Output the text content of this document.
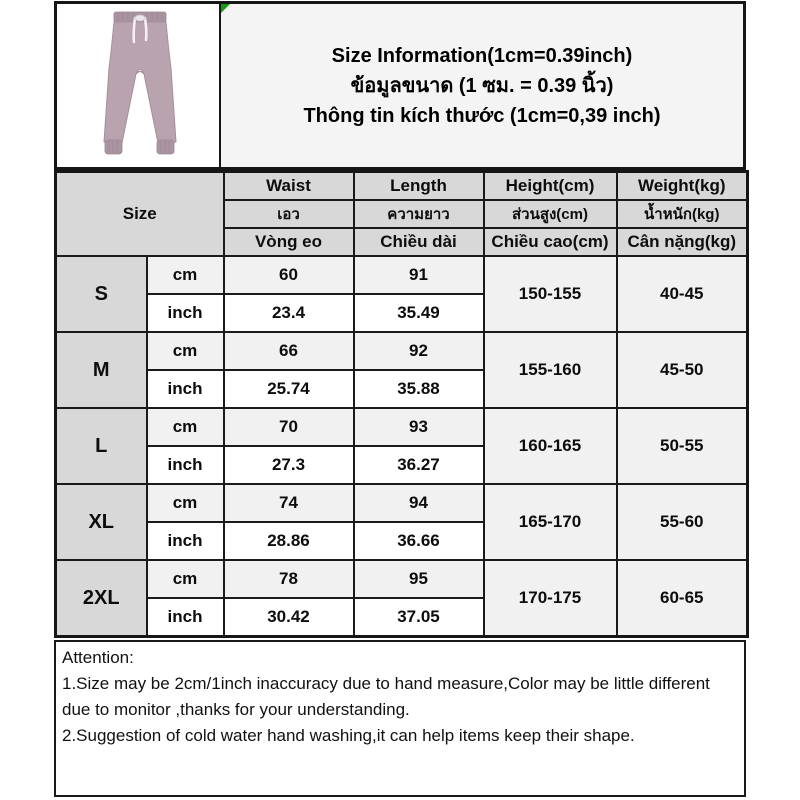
Size Information(1cm=0.39inch)
ข้อมูลขนาด (1 ซม. = 0.39 นิ้ว)
Thông tin kích thước (1cm=0,39 inch)
Size		Waist	Length	Height(cm)	Weight(kg)
		เอว	ความยาว	ส่วนสูง(cm)	น้ำหนัก(kg)
		Vòng eo	Chiều dài	Chiều cao(cm)	Cân nặng(kg)
S	cm	60	91	150-155	40-45
	inch	23.4	35.49		
M	cm	66	92	155-160	45-50
	inch	25.74	35.88		
L	cm	70	93	160-165	50-55
	inch	27.3	36.27		
XL	cm	74	94	165-170	55-60
	inch	28.86	36.66		
2XL	cm	78	95	170-175	60-65
	inch	30.42	37.05		
Attention:
1.Size may be 2cm/1inch inaccuracy due to hand measure,Color may be little different due to monitor ,thanks for your understanding.
2.Suggestion of cold water hand washing,it can help items keep their shape.
